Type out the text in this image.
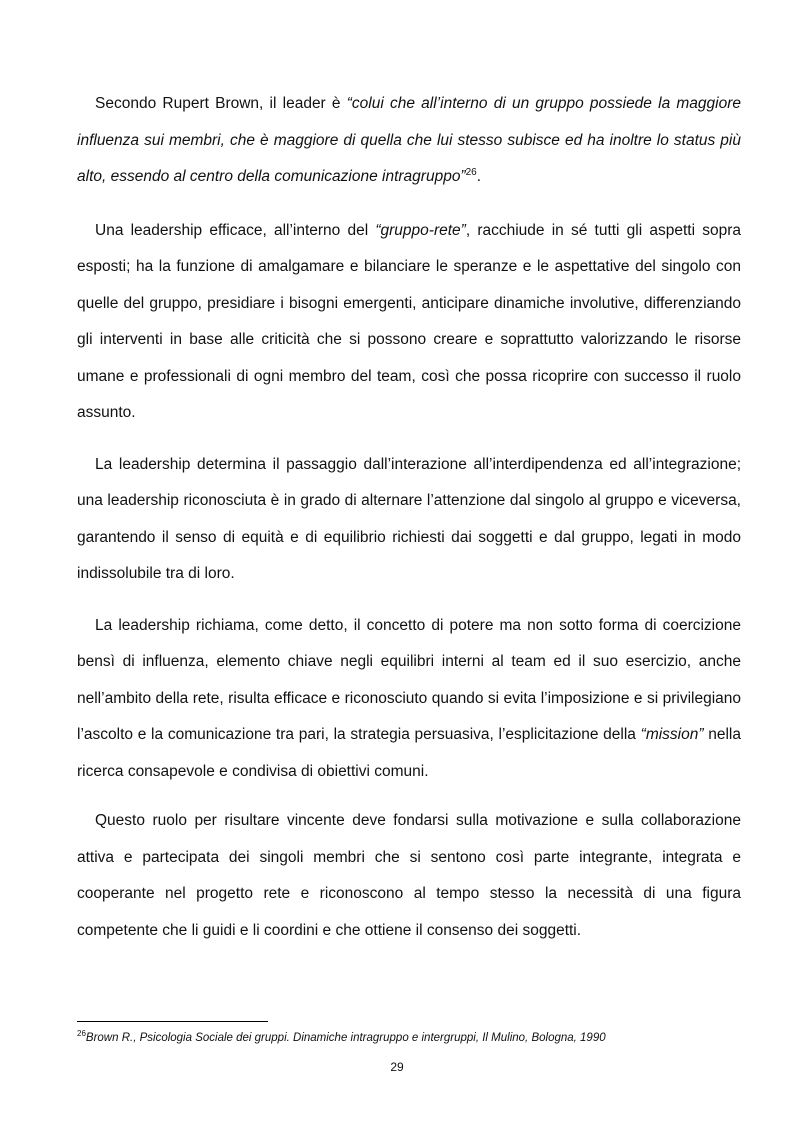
Secondo Rupert Brown, il leader è “colui che all’interno di un gruppo possiede la maggiore influenza sui membri, che è maggiore di quella che lui stesso subisce ed ha inoltre lo status più alto, essendo al centro della comunicazione intragruppo”$^{26}$.

Una leadership efficace, all’interno del “gruppo-rete”, racchiude in sé tutti gli aspetti sopra esposti; ha la funzione di amalgamare e bilanciare le speranze e le aspettative del singolo con quelle del gruppo, presidiare i bisogni emergenti, anticipare dinamiche involutive, differenziando gli interventi in base alle criticità che si possono creare e soprattutto valorizzando le risorse umane e professionali di ogni membro del team, così che possa ricoprire con successo il ruolo assunto.

La leadership determina il passaggio dall’interazione all’interdipendenza ed all’integrazione; una leadership riconosciuta è in grado di alternare l’attenzione dal singolo al gruppo e viceversa, garantendo il senso di equità e di equilibrio richiesti dai soggetti e dal gruppo, legati in modo indissolubile tra di loro.

La leadership richiama, come detto, il concetto di potere ma non sotto forma di coercizione bensì di influenza, elemento chiave negli equilibri interni al team ed il suo esercizio, anche nell’ambito della rete, risulta efficace e riconosciuto quando si evita l’imposizione e si privilegiano l’ascolto e la comunicazione tra pari, la strategia persuasiva, l’esplicitazione della “mission” nella ricerca consapevole e condivisa di obiettivi comuni.

Questo ruolo per risultare vincente deve fondarsi sulla motivazione e sulla collaborazione attiva e partecipata dei singoli membri che si sentono così parte integrante, integrata e cooperante nel progetto rete e riconoscono al tempo stesso la necessità di una figura competente che li guidi e li coordini e che ottiene il consenso dei soggetti.

$^{26}$Brown R., Psicologia Sociale dei gruppi. Dinamiche intragruppo e intergruppi, Il Mulino, Bologna, 1990
29
